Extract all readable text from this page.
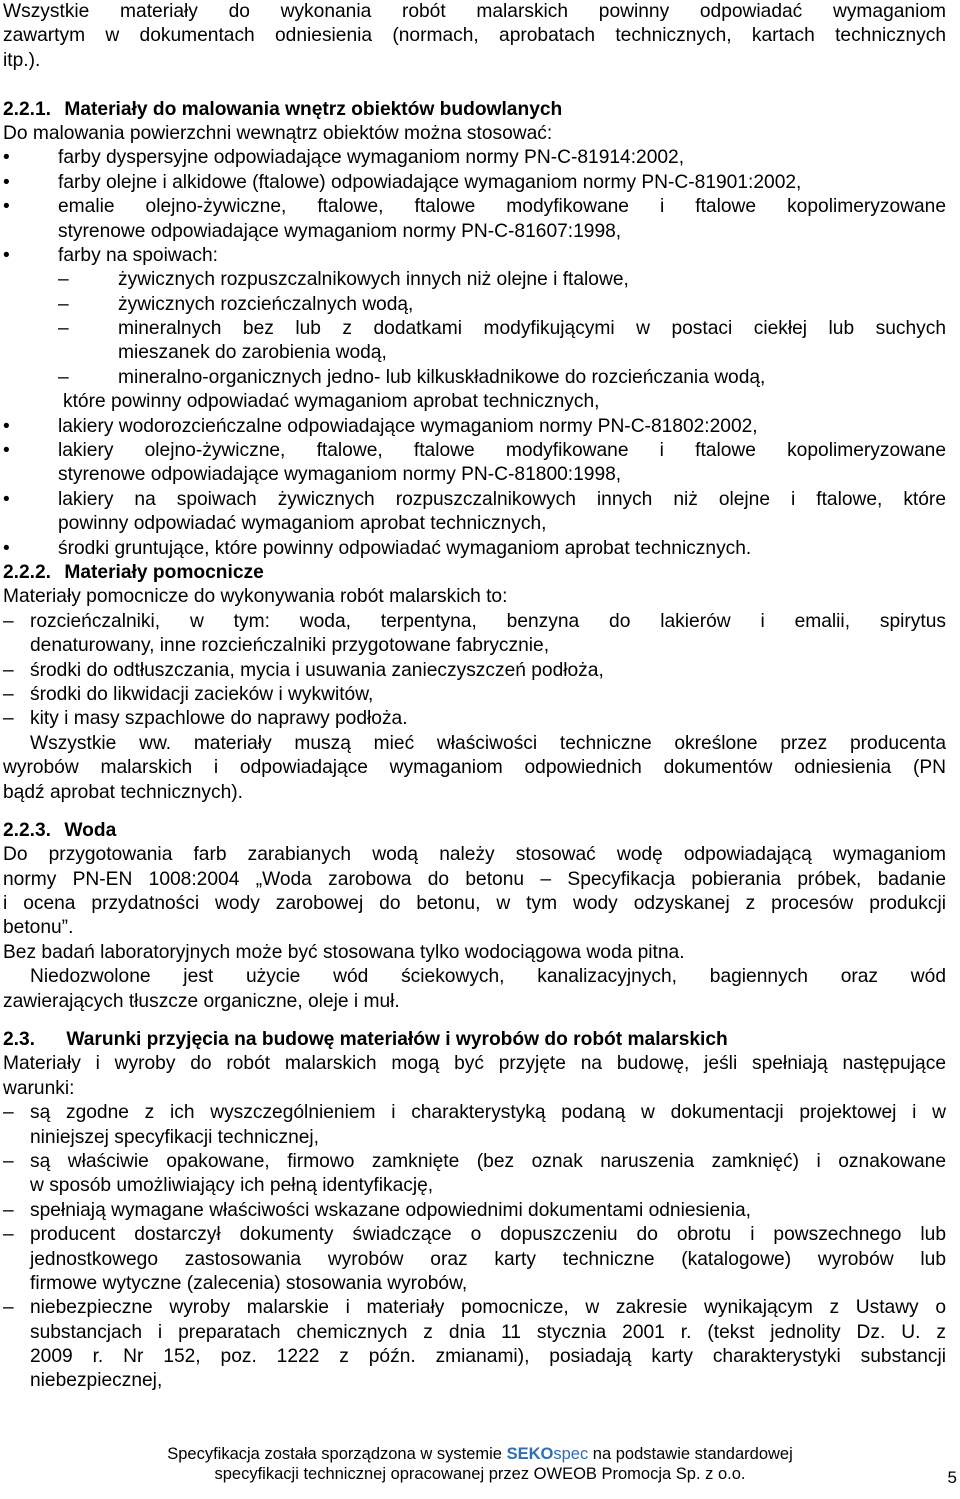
Wszystkie materiały do wykonania robót malarskich powinny odpowiadać wymaganiom
zawartym w dokumentach odniesienia (normach, aprobatach technicznych, kartach technicznych
itp.).
2.2.1. Materiały do malowania wnętrz obiektów budowlanych
Do malowania powierzchni wewnątrz obiektów można stosować:
•	farby dyspersyjne odpowiadające wymaganiom normy PN-C-81914:2002,
•	farby olejne i alkidowe (ftalowe) odpowiadające wymaganiom normy PN-C-81901:2002,
•	emalie olejno-żywiczne, ftalowe, ftalowe modyfikowane i ftalowe kopolimeryzowane
styrenowe odpowiadające wymaganiom normy PN-C-81607:1998,
•	farby na spoiwach:
–	żywicznych rozpuszczalnikowych innych niż olejne i ftalowe,
–	żywicznych rozcieńczalnych wodą,
–	mineralnych bez lub z dodatkami modyfikującymi w postaci ciekłej lub suchych
mieszanek do zarobienia wodą,
–	mineralno-organicznych jedno- lub kilkuskładnikowe do rozcieńczania wodą,
które powinny odpowiadać wymaganiom aprobat technicznych,
•	lakiery wodorozcieńczalne odpowiadające wymaganiom normy PN-C-81802:2002,
•	lakiery olejno-żywiczne, ftalowe, ftalowe modyfikowane i ftalowe kopolimeryzowane
styrenowe odpowiadające wymaganiom normy PN-C-81800:1998,
•	lakiery na spoiwach żywicznych rozpuszczalnikowych innych niż olejne i ftalowe, które
powinny odpowiadać wymaganiom aprobat technicznych,
•	środki gruntujące, które powinny odpowiadać wymaganiom aprobat technicznych.
2.2.2. Materiały pomocnicze
Materiały pomocnicze do wykonywania robót malarskich to:
– rozcieńczalniki, w tym: woda, terpentyna, benzyna do lakierów i emalii, spirytus
denaturowany, inne rozcieńczalniki przygotowane fabrycznie,
– środki do odtłuszczania, mycia i usuwania zanieczyszczeń podłoża,
– środki do likwidacji zacieków i wykwitów,
– kity i masy szpachlowe do naprawy podłoża.
Wszystkie ww. materiały muszą mieć właściwości techniczne określone przez producenta
wyrobów malarskich i odpowiadające wymaganiom odpowiednich dokumentów odniesienia (PN
bądź aprobat technicznych).
2.2.3. Woda
Do przygotowania farb zarabianych wodą należy stosować wodę odpowiadającą wymaganiom
normy PN-EN 1008:2004 „Woda zarobowa do betonu – Specyfikacja pobierania próbek, badanie
i ocena przydatności wody zarobowej do betonu, w tym wody odzyskanej z procesów produkcji
betonu”.
Bez badań laboratoryjnych może być stosowana tylko wodociągowa woda pitna.
Niedozwolone jest użycie wód ściekowych, kanalizacyjnych, bagiennych oraz wód
zawierających tłuszcze organiczne, oleje i muł.
2.3. Warunki przyjęcia na budowę materiałów i wyrobów do robót malarskich
Materiały i wyroby do robót malarskich mogą być przyjęte na budowę, jeśli spełniają następujące
warunki:
– są zgodne z ich wyszczególnieniem i charakterystyką podaną w dokumentacji projektowej i w
niniejszej specyfikacji technicznej,
– są właściwie opakowane, firmowo zamknięte (bez oznak naruszenia zamknięć) i oznakowane
w sposób umożliwiający ich pełną identyfikację,
– spełniają wymagane właściwości wskazane odpowiednimi dokumentami odniesienia,
– producent dostarczył dokumenty świadczące o dopuszczeniu do obrotu i powszechnego lub
jednostkowego zastosowania wyrobów oraz karty techniczne (katalogowe) wyrobów lub
firmowe wytyczne (zalecenia) stosowania wyrobów,
– niebezpieczne wyroby malarskie i materiały pomocnicze, w zakresie wynikającym z Ustawy o
substancjach i preparatach chemicznych z dnia 11 stycznia 2001 r. (tekst jednolity Dz. U. z
2009 r. Nr 152, poz. 1222 z późn. zmianami), posiadają karty charakterystyki substancji
niebezpiecznej,
Specyfikacja została sporządzona w systemie SEKOspec na podstawie standardowej
specyfikacji technicznej opracowanej przez OWEOB Promocja Sp. z o.o.	5
